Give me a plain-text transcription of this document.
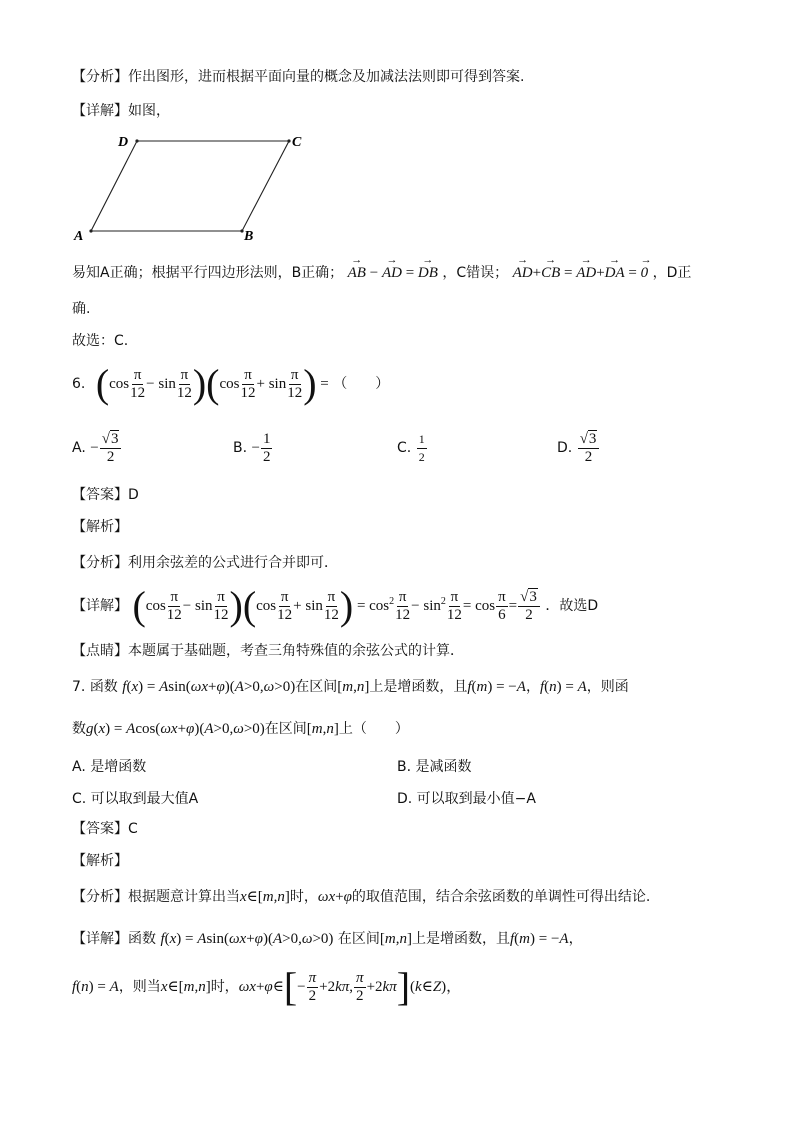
【分析】作出图形，进而根据平面向量的概念及加减法法则即可得到答案.
【详解】如图，
D	C
A	B
易知A正确；根据平行四边形法则，B正确； → AB − → AD = → DB ，C错误； → AD+→ CB = → AD+→ DA = → 0 ，D正
确.
故选：C.
6. $(\cos \frac{\pi}{12} - \sin \frac{\pi}{12} )(\cos \frac{\pi}{12} + \sin \frac{\pi}{12}$ ) = （　　）
A. − $\frac{√3}{2}$	B. − $\frac{1}{2}$	C. $\frac{1}{2}$	D. $\frac{√3}{2}$
【答案】D
【解析】
【分析】利用余弦差的公式进行合并即可．
【详解】 $(\cos \frac{\pi}{12} - \sin \frac{\pi}{12} )(\cos \frac{\pi}{12} + \sin \frac{\pi}{12}$ ) = $\cos^2 \frac{\pi}{12} - \sin^2 \frac{\pi}{12} = \cos \frac{\pi}{6} = \frac{√3}{2}$ ．故选D
【点睛】本题属于基础题，考查三角特殊值的余弦公式的计算．
7. 函数 f(x) = Asin(ωx+φ)(A>0,ω>0)在区间[m,n]上是增函数，且f(m) = −A，f(n) = A，则函
数g(x) = Acos(ωx+φ)(A>0,ω>0)在区间[m,n]上（　　）
A. 是增函数	B. 是减函数
C. 可以取到最大值A	D. 可以取到最小值−A
【答案】C
【解析】
【分析】根据题意计算出当x∈[m,n]时，ωx+φ的取值范围，结合余弦函数的单调性可得出结论.
【详解】函数 f(x) = Asin(ωx+φ)(A>0,ω>0) 在区间[m,n]上是增函数，且f(m) = −A，
f(n) = A，则当x∈[m,n]时，ωx+φ∈[− $\frac{\pi}{2} +2k\pi$, $\frac{\pi}{2}$ +2kπ](k∈Z)，
